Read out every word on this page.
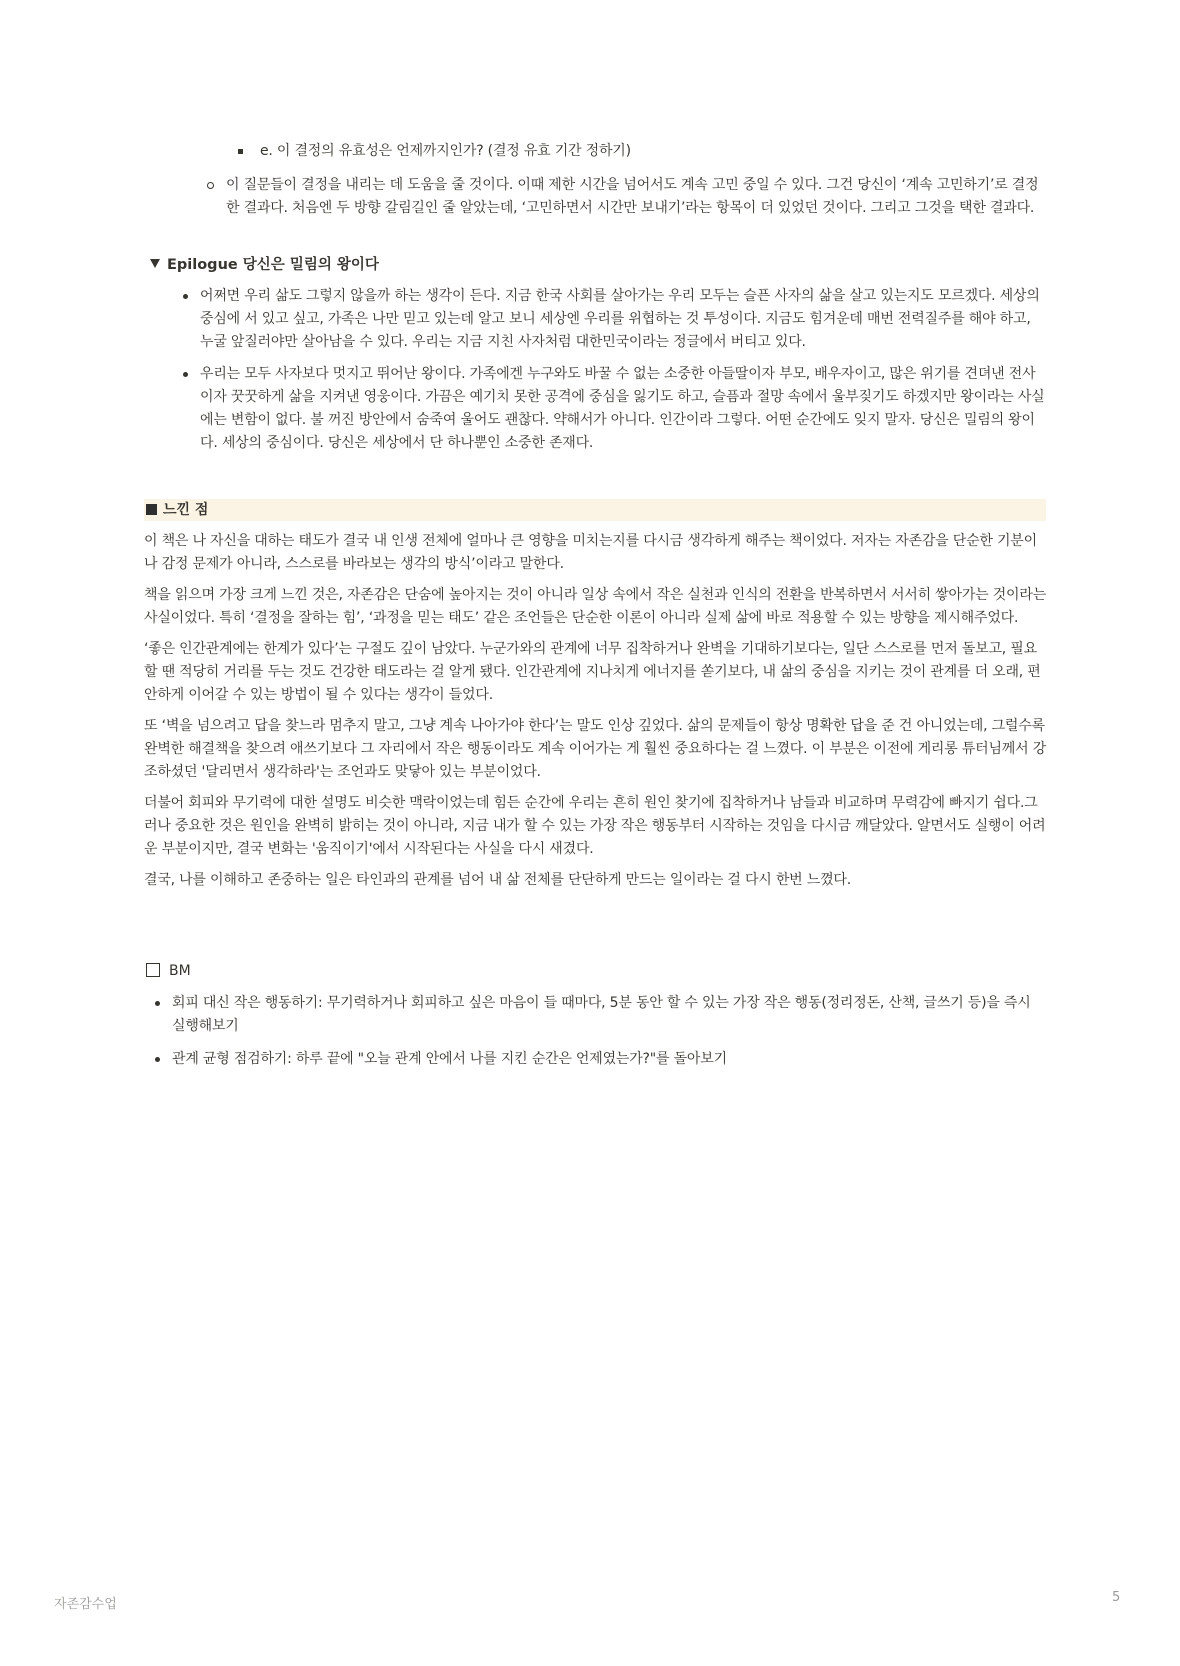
e. 이 결정의 유효성은 언제까지인가? (결정 유효 기간 정하기)
이 질문들이 결정을 내리는 데 도움을 줄 것이다. 이때 제한 시간을 넘어서도 계속 고민 중일 수 있다. 그건 당신이 ‘계속 고민하기’로 결정한 결과다. 처음엔 두 방향 갈림길인 줄 알았는데, ‘고민하면서 시간만 보내기’라는 항목이 더 있었던 것이다. 그리고 그것을 택한 결과다.
Epilogue 당신은 밀림의 왕이다
어쩌면 우리 삶도 그렇지 않을까 하는 생각이 든다. 지금 한국 사회를 살아가는 우리 모두는 슬픈 사자의 삶을 살고 있는지도 모르겠다. 세상의 중심에 서 있고 싶고, 가족은 나만 믿고 있는데 알고 보니 세상엔 우리를 위협하는 것 투성이다. 지금도 힘겨운데 매번 전력질주를 해야 하고, 누굴 앞질러야만 살아남을 수 있다. 우리는 지금 지친 사자처럼 대한민국이라는 정글에서 버티고 있다.
우리는 모두 사자보다 멋지고 뛰어난 왕이다. 가족에겐 누구와도 바꿀 수 없는 소중한 아들딸이자 부모, 배우자이고, 많은 위기를 견뎌낸 전사이자 꿋꿋하게 삶을 지켜낸 영웅이다. 가끔은 예기치 못한 공격에 중심을 잃기도 하고, 슬픔과 절망 속에서 울부짖기도 하겠지만 왕이라는 사실에는 변함이 없다. 불 꺼진 방안에서 숨죽여 울어도 괜찮다. 약해서가 아니다. 인간이라 그렇다. 어떤 순간에도 잊지 말자. 당신은 밀림의 왕이다. 세상의 중심이다. 당신은 세상에서 단 하나뿐인 소중한 존재다.
느낀 점

이 책은 나 자신을 대하는 태도가 결국 내 인생 전체에 얼마나 큰 영향을 미치는지를 다시금 생각하게 해주는 책이었다. 저자는 자존감을 단순한 기분이나 감정 문제가 아니라, 스스로를 바라보는 생각의 방식’이라고 말한다.

책을 읽으며 가장 크게 느낀 것은, 자존감은 단숨에 높아지는 것이 아니라 일상 속에서 작은 실천과 인식의 전환을 반복하면서 서서히 쌓아가는 것이라는 사실이었다. 특히 ‘결정을 잘하는 힘’, ‘과정을 믿는 태도’ 같은 조언들은 단순한 이론이 아니라 실제 삶에 바로 적용할 수 있는 방향을 제시해주었다.

‘좋은 인간관계에는 한계가 있다’는 구절도 깊이 남았다. 누군가와의 관계에 너무 집착하거나 완벽을 기대하기보다는, 일단 스스로를 먼저 돌보고, 필요할 땐 적당히 거리를 두는 것도 건강한 태도라는 걸 알게 됐다. 인간관계에 지나치게 에너지를 쏟기보다, 내 삶의 중심을 지키는 것이 관계를 더 오래, 편안하게 이어갈 수 있는 방법이 될 수 있다는 생각이 들었다.

또 ‘벽을 넘으려고 답을 찾느라 멈추지 말고, 그냥 계속 나아가야 한다’는 말도 인상 깊었다. 삶의 문제들이 항상 명확한 답을 준 건 아니었는데, 그럴수록 완벽한 해결책을 찾으려 애쓰기보다 그 자리에서 작은 행동이라도 계속 이어가는 게 훨씬 중요하다는 걸 느꼈다. 이 부분은 이전에 게리롱 튜터님께서 강조하셨던 '달리면서 생각하라'는 조언과도 맞닿아 있는 부분이었다.

더불어 회피와 무기력에 대한 설명도 비슷한 맥락이었는데 힘든 순간에 우리는 흔히 원인 찾기에 집착하거나 남들과 비교하며 무력감에 빠지기 쉽다.그러나 중요한 것은 원인을 완벽히 밝히는 것이 아니라, 지금 내가 할 수 있는 가장 작은 행동부터 시작하는 것임을 다시금 깨달았다. 알면서도 실행이 어려운 부분이지만, 결국 변화는 '움직이기'에서 시작된다는 사실을 다시 새겼다.

결국, 나를 이해하고 존중하는 일은 타인과의 관계를 넘어 내 삶 전체를 단단하게 만드는 일이라는 걸 다시 한번 느꼈다.

BM
회피 대신 작은 행동하기: 무기력하거나 회피하고 싶은 마음이 들 때마다, 5분 동안 할 수 있는 가장 작은 행동(정리정돈, 산책, 글쓰기 등)을 즉시 실행해보기
관계 균형 점검하기: 하루 끝에 "오늘 관계 안에서 나를 지킨 순간은 언제였는가?"를 돌아보기
자존감수업	5
